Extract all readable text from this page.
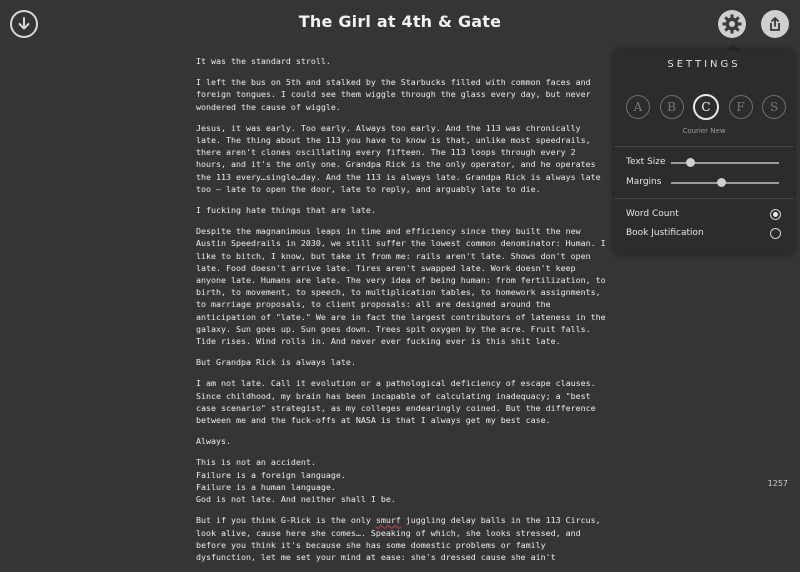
The Girl at 4th & Gate

It was the standard stroll.

I left the bus on 5th and stalked by the Starbucks filled with common faces and foreign tongues. I could see them wiggle through the glass every day, but never wondered the cause of wiggle.

Jesus, it was early. Too early. Always too early. And the 113 was chronically late. The thing about the 113 you have to know is that, unlike most speedrails, there aren't clones oscillating every fifteen. The 113 loops through every 2 hours, and it's the only one. Grandpa Rick is the only operator, and he operates the 113 every…single…day. And the 113 is always late. Grandpa Rick is always late too — late to open the door, late to reply, and arguably late to die.

I fucking hate things that are late.

Despite the magnanimous leaps in time and efficiency since they built the new Austin Speedrails in 2030, we still suffer the lowest common denominator: Human. I like to bitch, I know, but take it from me: rails aren't late. Shows don't open late. Food doesn't arrive late. Tires aren't swapped late. Work doesn't keep anyone late. Humans are late. The very idea of being human: from fertilization, to birth, to movement, to speech, to multiplication tables, to homework assignments, to marriage proposals, to client proposals: all are designed around the anticipation of "late." We are in fact the largest contributors of lateness in the galaxy. Sun goes up. Sun goes down. Trees spit oxygen by the acre. Fruit falls. Tide rises. Wind rolls in. And never ever fucking ever is this shit late.

But Grandpa Rick is always late.

I am not late. Call it evolution or a pathological deficiency of escape clauses. Since childhood, my brain has been incapable of calculating inadequacy; a "best case scenario" strategist, as my colleges endearingly coined. But the difference between me and the fuck-offs at NASA is that I always get my best case.

Always.

This is not an accident.
Failure is a foreign language.
Failure is a human language.
God is not late. And neither shall I be.

But if you think G-Rick is the only smurf juggling delay balls in the 113 Circus, look alive, cause here she comes…. Speaking of which, she looks stressed, and before you think it's because she has some domestic problems or family dysfunction, let me set your mind at ease: she's dressed cause she ain't

1257
SETTINGS
A	B	C	F	S
Courier New
Text Size
Margins
Word Count
Book Justification
